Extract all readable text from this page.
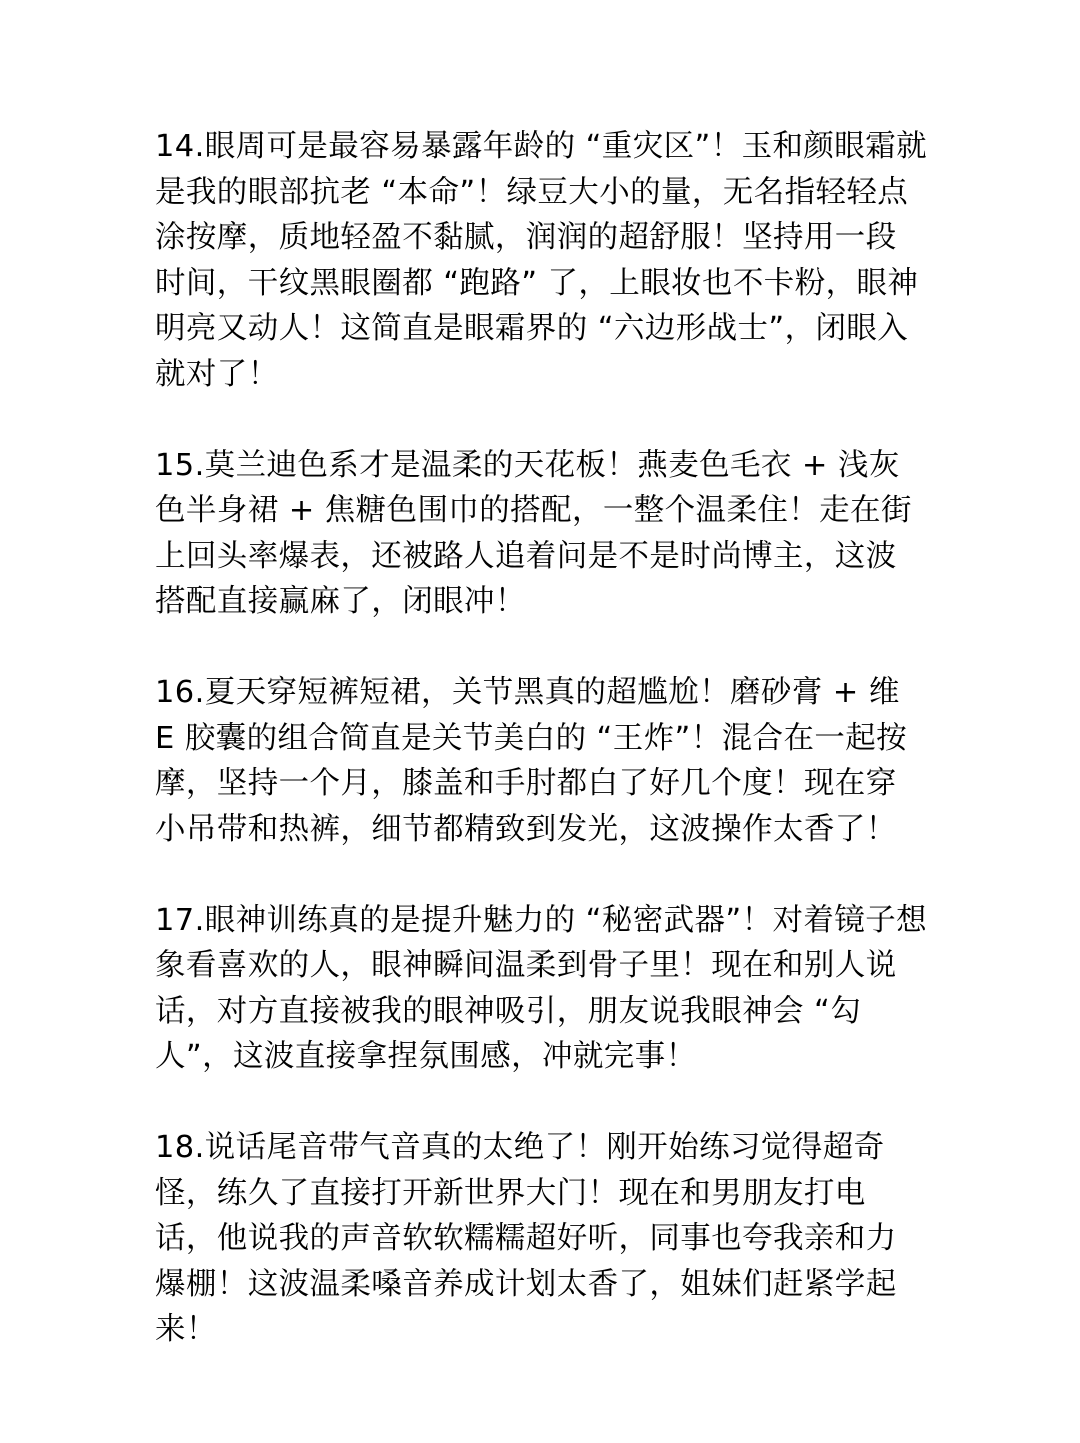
14.眼周可是最容易暴露年龄的 “重灾区”！玉和颜眼霜就是我的眼部抗老 “本命”！绿豆大小的量，无名指轻轻点涂按摩，质地轻盈不黏腻，润润的超舒服！坚持用一段时间，干纹黑眼圈都 “跑路” 了，上眼妆也不卡粉，眼神明亮又动人！这简直是眼霜界的 “六边形战士”，闭眼入就对了！

15.莫兰迪色系才是温柔的天花板！燕麦色毛衣 + 浅灰色半身裙 + 焦糖色围巾的搭配，一整个温柔住！走在街上回头率爆表，还被路人追着问是不是时尚博主，这波搭配直接赢麻了，闭眼冲！

16.夏天穿短裤短裙，关节黑真的超尴尬！磨砂膏 + 维 E 胶囊的组合简直是关节美白的 “王炸”！混合在一起按摩，坚持一个月，膝盖和手肘都白了好几个度！现在穿小吊带和热裤，细节都精致到发光，这波操作太香了！

17.眼神训练真的是提升魅力的 “秘密武器”！对着镜子想象看喜欢的人，眼神瞬间温柔到骨子里！现在和别人说话，对方直接被我的眼神吸引，朋友说我眼神会 “勾人”，这波直接拿捏氛围感，冲就完事！

18.说话尾音带气音真的太绝了！刚开始练习觉得超奇怪，练久了直接打开新世界大门！现在和男朋友打电话，他说我的声音软软糯糯超好听，同事也夸我亲和力爆棚！这波温柔嗓音养成计划太香了，姐妹们赶紧学起来！
